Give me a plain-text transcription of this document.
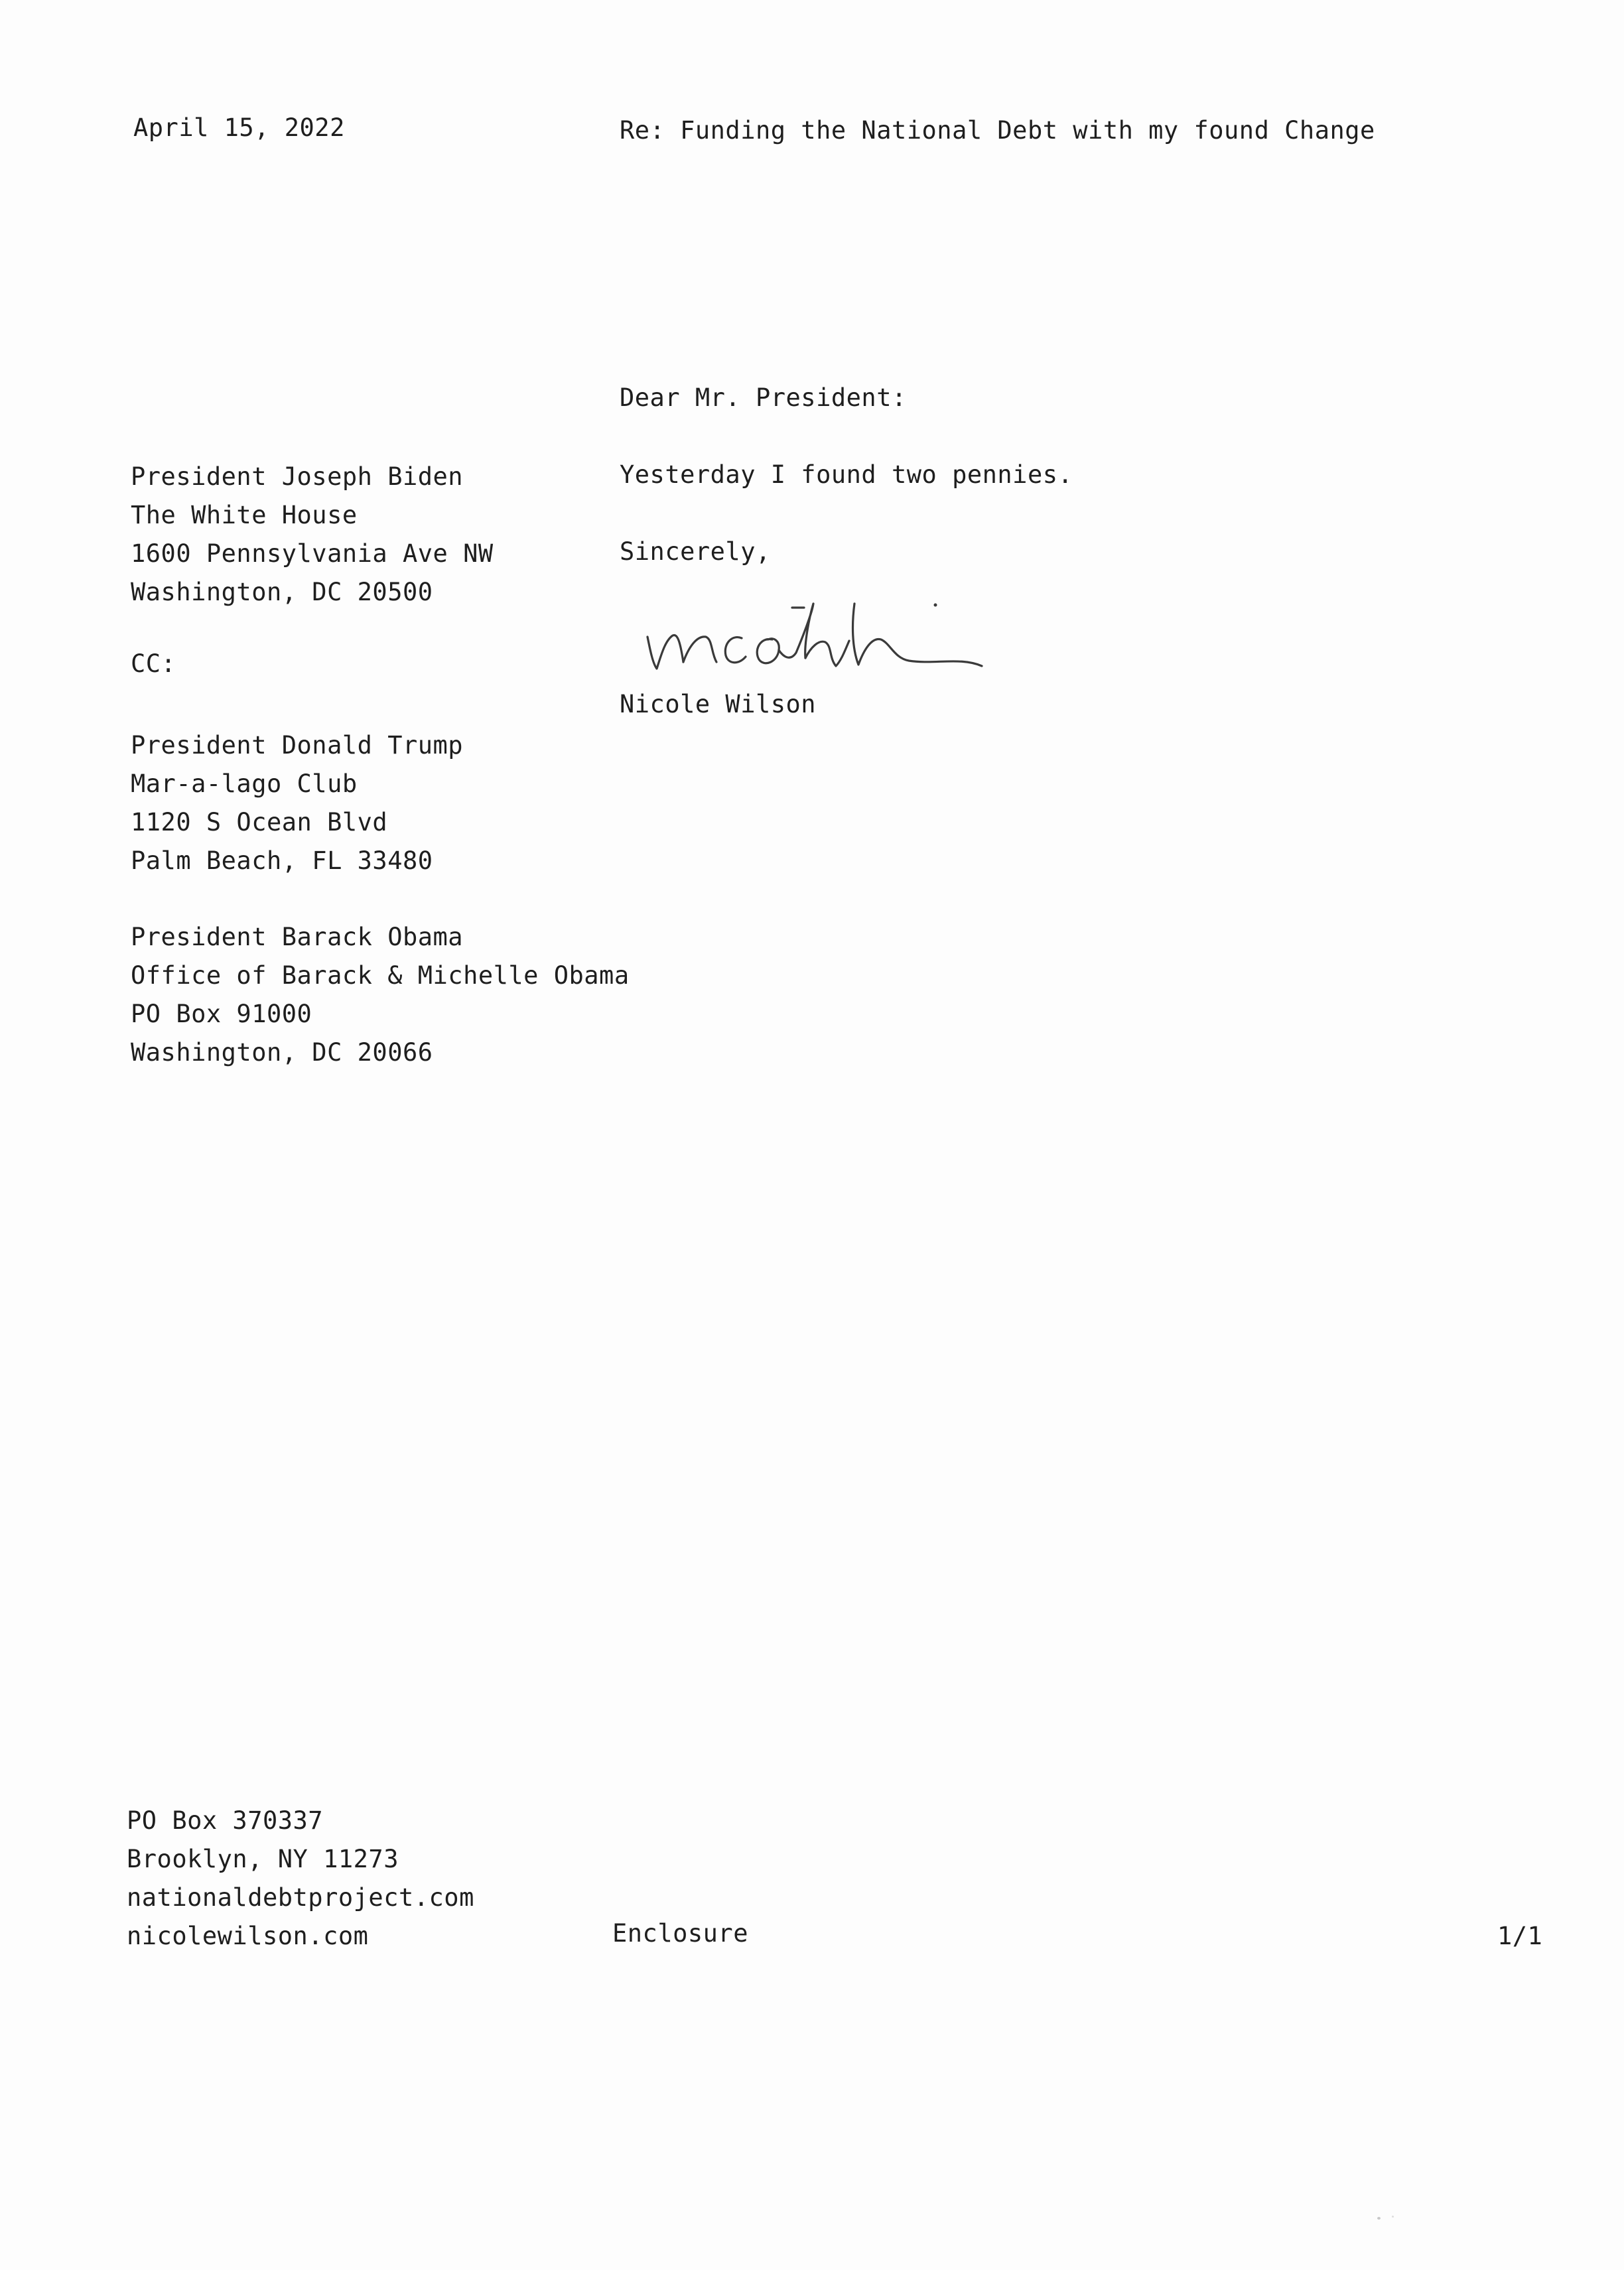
April 15, 2022	Re: Funding the National Debt with my found Change
Dear Mr. President:
Yesterday I found two pennies.
Sincerely,
Nicole Wilson
President Joseph Biden
The White House
1600 Pennsylvania Ave NW
Washington, DC 20500
CC:
President Donald Trump
Mar-a-lago Club
1120 S Ocean Blvd
Palm Beach, FL 33480
President Barack Obama
Office of Barack & Michelle Obama
PO Box 91000
Washington, DC 20066
PO Box 370337
Brooklyn, NY 11273
nationaldebtproject.com
nicolewilson.com	Enclosure	1/1
